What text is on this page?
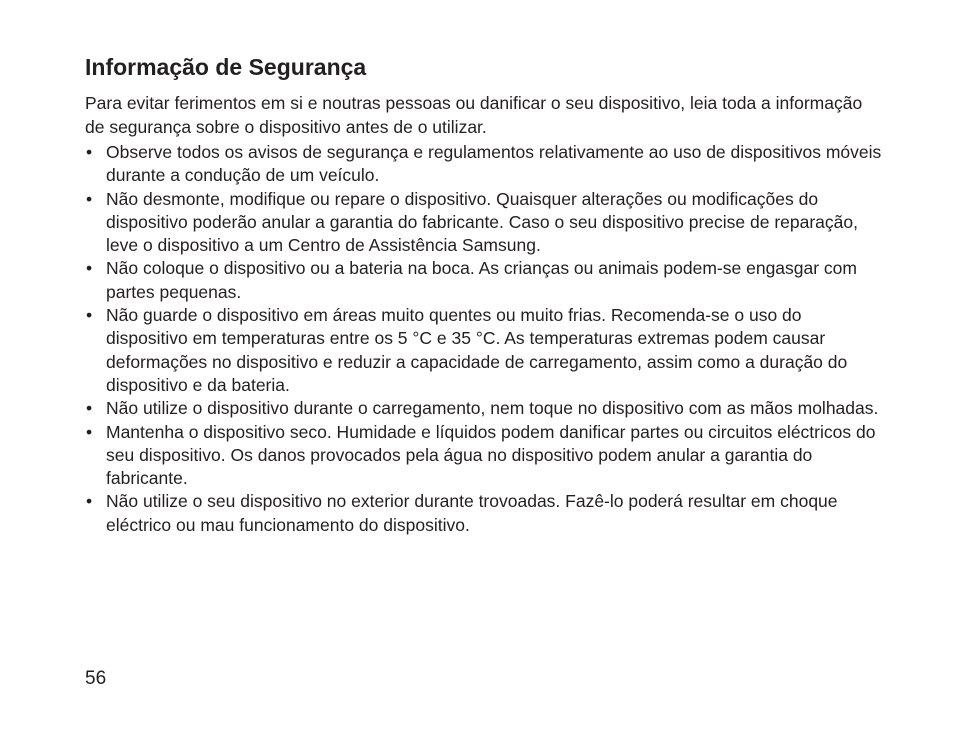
Informação de Segurança

Para evitar ferimentos em si e noutras pessoas ou danificar o seu dispositivo, leia toda a informação de segurança sobre o dispositivo antes de o utilizar.

• Observe todos os avisos de segurança e regulamentos relativamente ao uso de dispositivos móveis durante a condução de um veículo.
• Não desmonte, modifique ou repare o dispositivo. Quaisquer alterações ou modificações do dispositivo poderão anular a garantia do fabricante. Caso o seu dispositivo precise de reparação, leve o dispositivo a um Centro de Assistência Samsung.
• Não coloque o dispositivo ou a bateria na boca. As crianças ou animais podem-se engasgar com partes pequenas.
• Não guarde o dispositivo em áreas muito quentes ou muito frias. Recomenda-se o uso do dispositivo em temperaturas entre os 5 °C e 35 °C. As temperaturas extremas podem causar deformações no dispositivo e reduzir a capacidade de carregamento, assim como a duração do dispositivo e da bateria.
• Não utilize o dispositivo durante o carregamento, nem toque no dispositivo com as mãos molhadas.
• Mantenha o dispositivo seco. Humidade e líquidos podem danificar partes ou circuitos eléctricos do seu dispositivo. Os danos provocados pela água no dispositivo podem anular a garantia do fabricante.
• Não utilize o seu dispositivo no exterior durante trovoadas. Fazê-lo poderá resultar em choque eléctrico ou mau funcionamento do dispositivo.
56
